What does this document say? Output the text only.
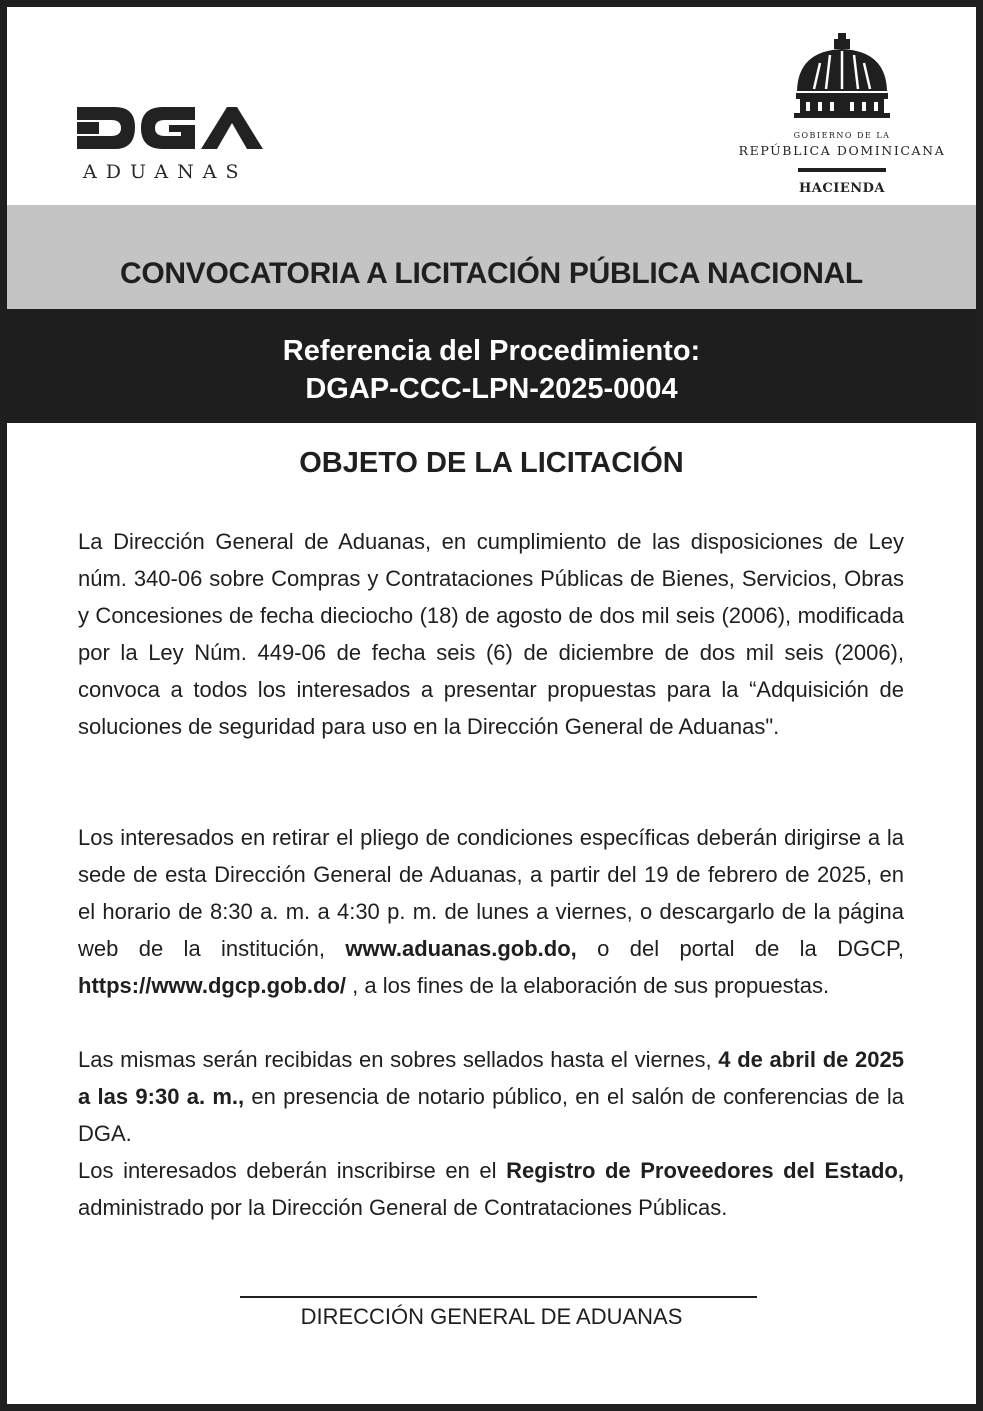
ADUANAS
GOBIERNO DE LA
REPÚBLICA DOMINICANA
HACIENDA
CONVOCATORIA A LICITACIÓN PÚBLICA NACIONAL
Referencia del Procedimiento:
DGAP-CCC-LPN-2025-0004
OBJETO DE LA LICITACIÓN
La Dirección General de Aduanas, en cumplimiento de las disposiciones de Ley núm. 340-06 sobre Compras y Contrataciones Públicas de Bienes, Servicios, Obras y Concesiones de fecha dieciocho (18) de agosto de dos mil seis (2006), modificada por la Ley Núm. 449-06 de fecha seis (6) de diciembre de dos mil seis (2006), convoca a todos los interesados a presentar propuestas para la “Adquisición de soluciones de seguridad para uso en la Dirección General de Aduanas".
Los interesados en retirar el pliego de condiciones específicas deberán dirigirse a la sede de esta Dirección General de Aduanas, a partir del 19 de febrero de 2025, en el horario de 8:30 a. m. a 4:30 p. m. de lunes a viernes, o descargarlo de la página web de la institución, www.aduanas.gob.do, o del portal de la DGCP, https://www.dgcp.gob.do/ , a los fines de la elaboración de sus propuestas.
Las mismas serán recibidas en sobres sellados hasta el viernes, 4 de abril de 2025 a las 9:30 a. m., en presencia de notario público, en el salón de conferencias de la DGA.
Los interesados deberán inscribirse en el Registro de Proveedores del Estado, administrado por la Dirección General de Contrataciones Públicas.
DIRECCIÓN GENERAL DE ADUANAS
